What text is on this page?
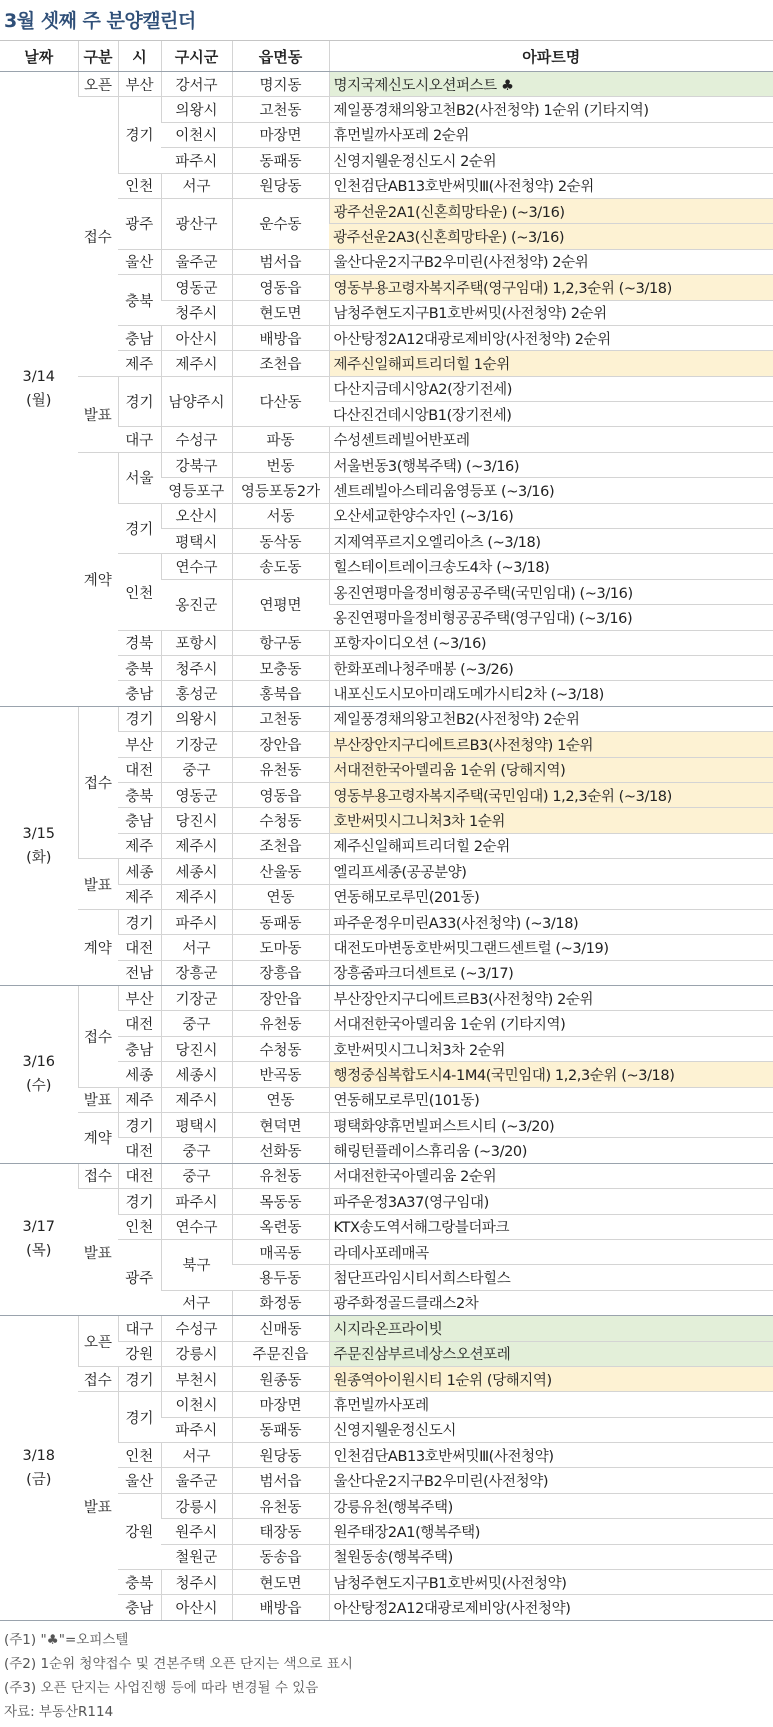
3월 셋째 주 분양캘린더
날짜	구분	시	구시군	읍면동	아파트명
3/14
(월)	오픈	부산	강서구	명지동	명지국제신도시오션퍼스트 ♣
	접수	경기	의왕시	고천동	제일풍경채의왕고천B2(사전청약) 1순위 (기타지역)
			이천시	마장면	휴먼빌까사포레 2순위
			파주시	동패동	신영지웰운정신도시 2순위
		인천	서구	원당동	인천검단AB13호반써밋Ⅲ(사전청약) 2순위
		광주	광산구	운수동	광주선운2A1(신혼희망타운) (~3/16)
					광주선운2A3(신혼희망타운) (~3/16)
		울산	울주군	범서읍	울산다운2지구B2우미린(사전청약) 2순위
		충북	영동군	영동읍	영동부용고령자복지주택(영구임대) 1,2,3순위 (~3/18)
			청주시	현도면	남청주현도지구B1호반써밋(사전청약) 2순위
		충남	아산시	배방읍	아산탕정2A12대광로제비앙(사전청약) 2순위
		제주	제주시	조천읍	제주신일해피트리더힐 1순위
	발표	경기	남양주시	다산동	다산지금데시앙A2(장기전세)
					다산진건데시앙B1(장기전세)
		대구	수성구	파동	수성센트레빌어반포레
	계약	서울	강북구	번동	서울번동3(행복주택) (~3/16)
			영등포구	영등포동2가	센트레빌아스테리움영등포 (~3/16)
		경기	오산시	서동	오산세교한양수자인 (~3/16)
			평택시	동삭동	지제역푸르지오엘리아츠 (~3/18)
		인천	연수구	송도동	힐스테이트레이크송도4차 (~3/18)
			옹진군	연평면	옹진연평마을정비형공공주택(국민임대) (~3/16)
					옹진연평마을정비형공공주택(영구임대) (~3/16)
		경북	포항시	항구동	포항자이디오션 (~3/16)
		충북	청주시	모충동	한화포레나청주매봉 (~3/26)
		충남	홍성군	홍북읍	내포신도시모아미래도메가시티2차 (~3/18)
3/15
(화)	접수	경기	의왕시	고천동	제일풍경채의왕고천B2(사전청약) 2순위
		부산	기장군	장안읍	부산장안지구디에트르B3(사전청약) 1순위
		대전	중구	유천동	서대전한국아델리움 1순위 (당해지역)
		충북	영동군	영동읍	영동부용고령자복지주택(국민임대) 1,2,3순위 (~3/18)
		충남	당진시	수청동	호반써밋시그니처3차 1순위
		제주	제주시	조천읍	제주신일해피트리더힐 2순위
	발표	세종	세종시	산울동	엘리프세종(공공분양)
		제주	제주시	연동	연동해모로루민(201동)
	계약	경기	파주시	동패동	파주운정우미린A33(사전청약) (~3/18)
		대전	서구	도마동	대전도마변동호반써밋그랜드센트럴 (~3/19)
		전남	장흥군	장흥읍	장흥줌파크더센트로 (~3/17)
3/16
(수)	접수	부산	기장군	장안읍	부산장안지구디에트르B3(사전청약) 2순위
		대전	중구	유천동	서대전한국아델리움 1순위 (기타지역)
		충남	당진시	수청동	호반써밋시그니처3차 2순위
		세종	세종시	반곡동	행정중심복합도시4-1M4(국민임대) 1,2,3순위 (~3/18)
	발표	제주	제주시	연동	연동해모로루민(101동)
	계약	경기	평택시	현덕면	평택화양휴먼빌퍼스트시티 (~3/20)
		대전	중구	선화동	해링턴플레이스휴리움 (~3/20)
3/17
(목)	접수	대전	중구	유천동	서대전한국아델리움 2순위
	발표	경기	파주시	목동동	파주운정3A37(영구임대)
		인천	연수구	옥련동	KTX송도역서해그랑블더파크
		광주	북구	매곡동	라데사포레매곡
				용두동	첨단프라임시티서희스타힐스
			서구	화정동	광주화정골드클래스2차
3/18
(금)	오픈	대구	수성구	신매동	시지라온프라이빗
		강원	강릉시	주문진읍	주문진삼부르네상스오션포레
	접수	경기	부천시	원종동	원종역아이원시티 1순위 (당해지역)
	발표	경기	이천시	마장면	휴먼빌까사포레
			파주시	동패동	신영지웰운정신도시
		인천	서구	원당동	인천검단AB13호반써밋Ⅲ(사전청약)
		울산	울주군	범서읍	울산다운2지구B2우미린(사전청약)
		강원	강릉시	유천동	강릉유천(행복주택)
			원주시	태장동	원주태장2A1(행복주택)
			철원군	동송읍	철원동송(행복주택)
		충북	청주시	현도면	남청주현도지구B1호반써밋(사전청약)
		충남	아산시	배방읍	아산탕정2A12대광로제비앙(사전청약)
(주1) "♣"=오피스텔
(주2) 1순위 청약접수 및 견본주택 오픈 단지는 색으로 표시
(주3) 오픈 단지는 사업진행 등에 따라 변경될 수 있음
자료: 부동산R114
